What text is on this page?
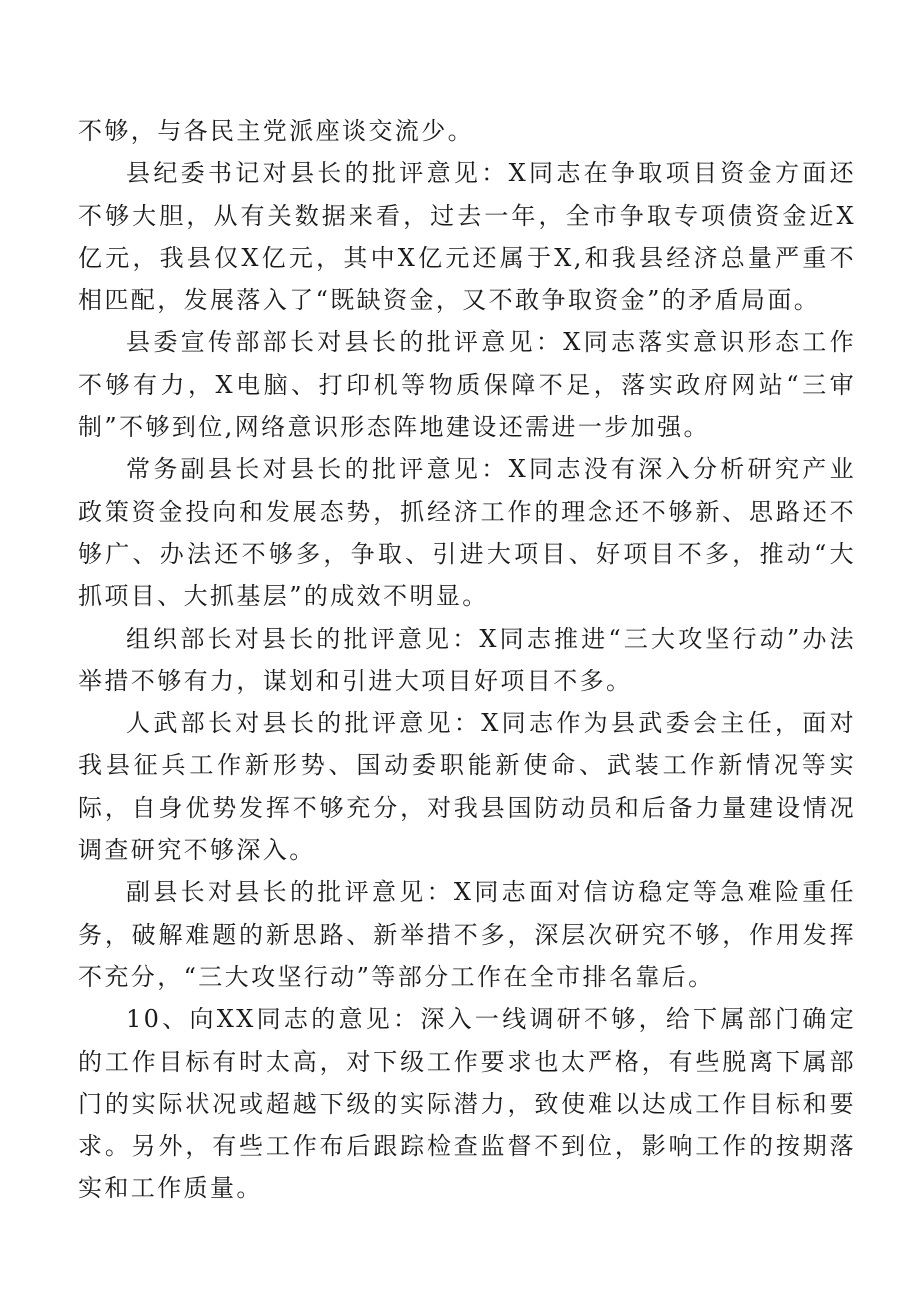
不够，与各民主党派座谈交流少。

县纪委书记对县长的批评意见：X同志在争取项目资金方面还不够大胆，从有关数据来看，过去一年，全市争取专项债资金近X亿元，我县仅X亿元，其中X亿元还属于X,和我县经济总量严重不相匹配，发展落入了“既缺资金，又不敢争取资金”的矛盾局面。

县委宣传部部长对县长的批评意见：X同志落实意识形态工作不够有力，X电脑、打印机等物质保障不足，落实政府网站“三审制”不够到位,网络意识形态阵地建设还需进一步加强。

常务副县长对县长的批评意见：X同志没有深入分析研究产业政策资金投向和发展态势，抓经济工作的理念还不够新、思路还不够广、办法还不够多，争取、引进大项目、好项目不多，推动“大抓项目、大抓基层”的成效不明显。

组织部长对县长的批评意见：X同志推进“三大攻坚行动”办法举措不够有力，谋划和引进大项目好项目不多。

人武部长对县长的批评意见：X同志作为县武委会主任，面对我县征兵工作新形势、国动委职能新使命、武装工作新情况等实际，自身优势发挥不够充分，对我县国防动员和后备力量建设情况调查研究不够深入。

副县长对县长的批评意见：X同志面对信访稳定等急难险重任务，破解难题的新思路、新举措不多，深层次研究不够，作用发挥不充分，“三大攻坚行动”等部分工作在全市排名靠后。

10、向XX同志的意见：深入一线调研不够，给下属部门确定的工作目标有时太高，对下级工作要求也太严格，有些脱离下属部门的实际状况或超越下级的实际潜力，致使难以达成工作目标和要求。另外，有些工作布后跟踪检查监督不到位，影响工作的按期落实和工作质量。
